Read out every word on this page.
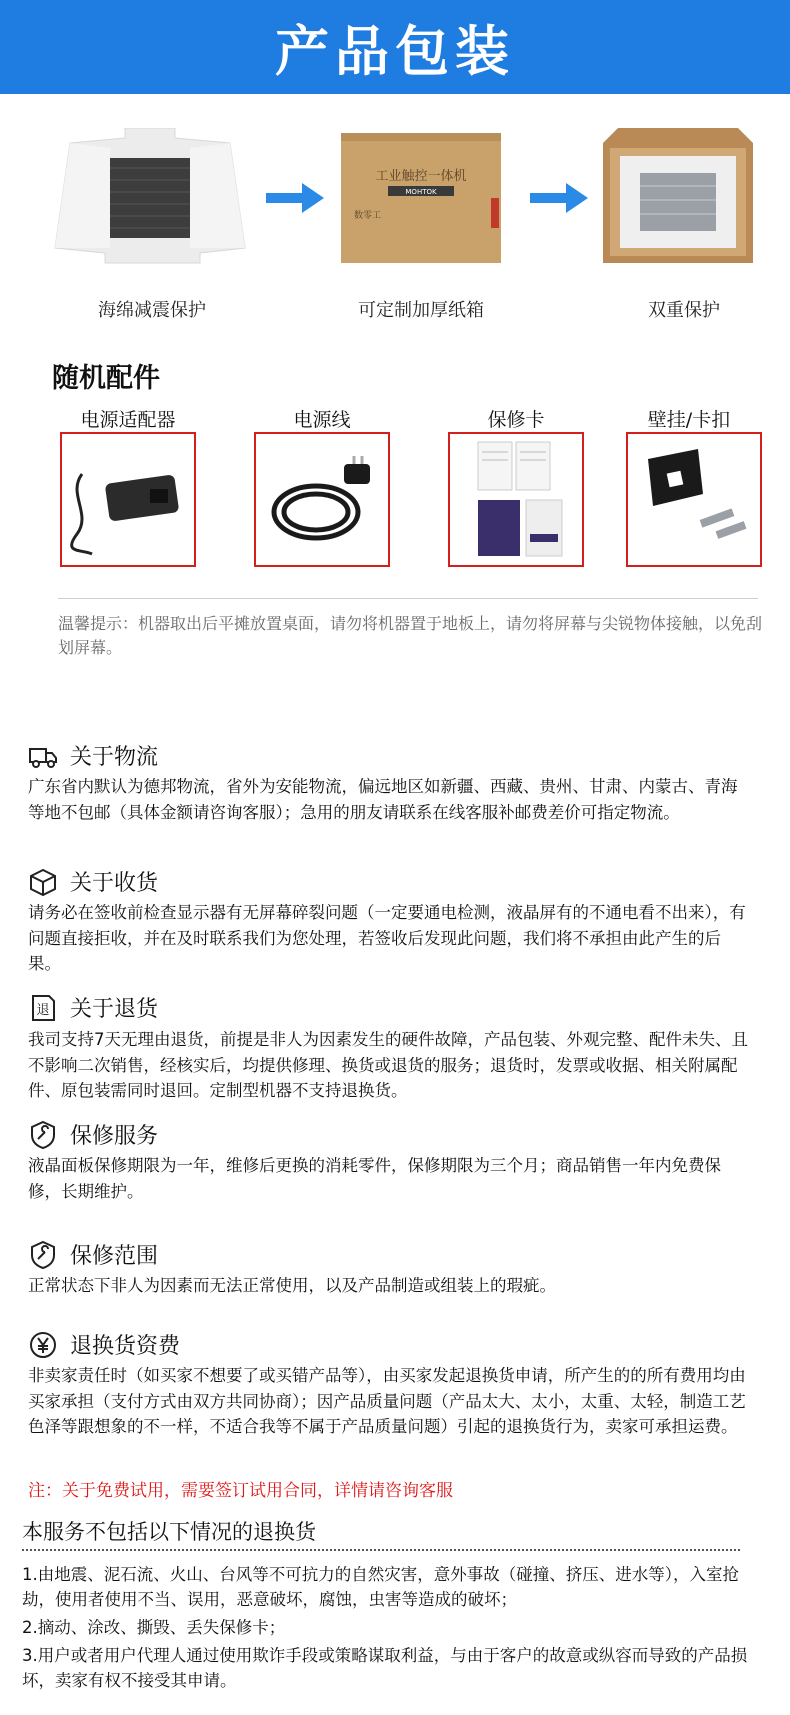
产品包装
工业触控一体机
MOHTOK
数零工
海绵减震保护	可定制加厚纸箱	双重保护
随机配件
电源适配器	电源线	保修卡	壁挂/卡扣
温馨提示：机器取出后平摊放置桌面，请勿将机器置于地板上，请勿将屏幕与尖锐物体接触，以免刮划屏幕。
关于物流
广东省内默认为德邦物流，省外为安能物流，偏远地区如新疆、西藏、贵州、甘肃、内蒙古、青海等地不包邮（具体金额请咨询客服）；急用的朋友请联系在线客服补邮费差价可指定物流。
关于收货
请务必在签收前检查显示器有无屏幕碎裂问题（一定要通电检测，液晶屏有的不通电看不出来），有问题直接拒收，并在及时联系我们为您处理，若签收后发现此问题，我们将不承担由此产生的后果。
退 关于退货
我司支持7天无理由退货，前提是非人为因素发生的硬件故障，产品包装、外观完整、配件未失、且不影响二次销售，经核实后，均提供修理、换货或退货的服务；退货时，发票或收据、相关附属配件、原包装需同时退回。定制型机器不支持退换货。
保修服务
液晶面板保修期限为一年，维修后更换的消耗零件，保修期限为三个月；商品销售一年内免费保修，长期维护。
保修范围
正常状态下非人为因素而无法正常使用，以及产品制造或组装上的瑕疵。
退换货资费
非卖家责任时（如买家不想要了或买错产品等），由买家发起退换货申请，所产生的的所有费用均由买家承担（支付方式由双方共同协商）；因产品质量问题（产品太大、太小，太重、太轻，制造工艺色泽等跟想象的不一样，不适合我等不属于产品质量问题）引起的退换货行为，卖家可承担运费。
注：关于免费试用，需要签订试用合同，详情请咨询客服
本服务不包括以下情况的退换货
1.由地震、泥石流、火山、台风等不可抗力的自然灾害，意外事故（碰撞、挤压、进水等），入室抢劫，使用者使用不当、误用，恶意破坏，腐蚀，虫害等造成的破坏；
2.摘动、涂改、撕毁、丢失保修卡；
3.用户或者用户代理人通过使用欺诈手段或策略谋取利益，与由于客户的故意或纵容而导致的产品损坏，卖家有权不接受其申请。
